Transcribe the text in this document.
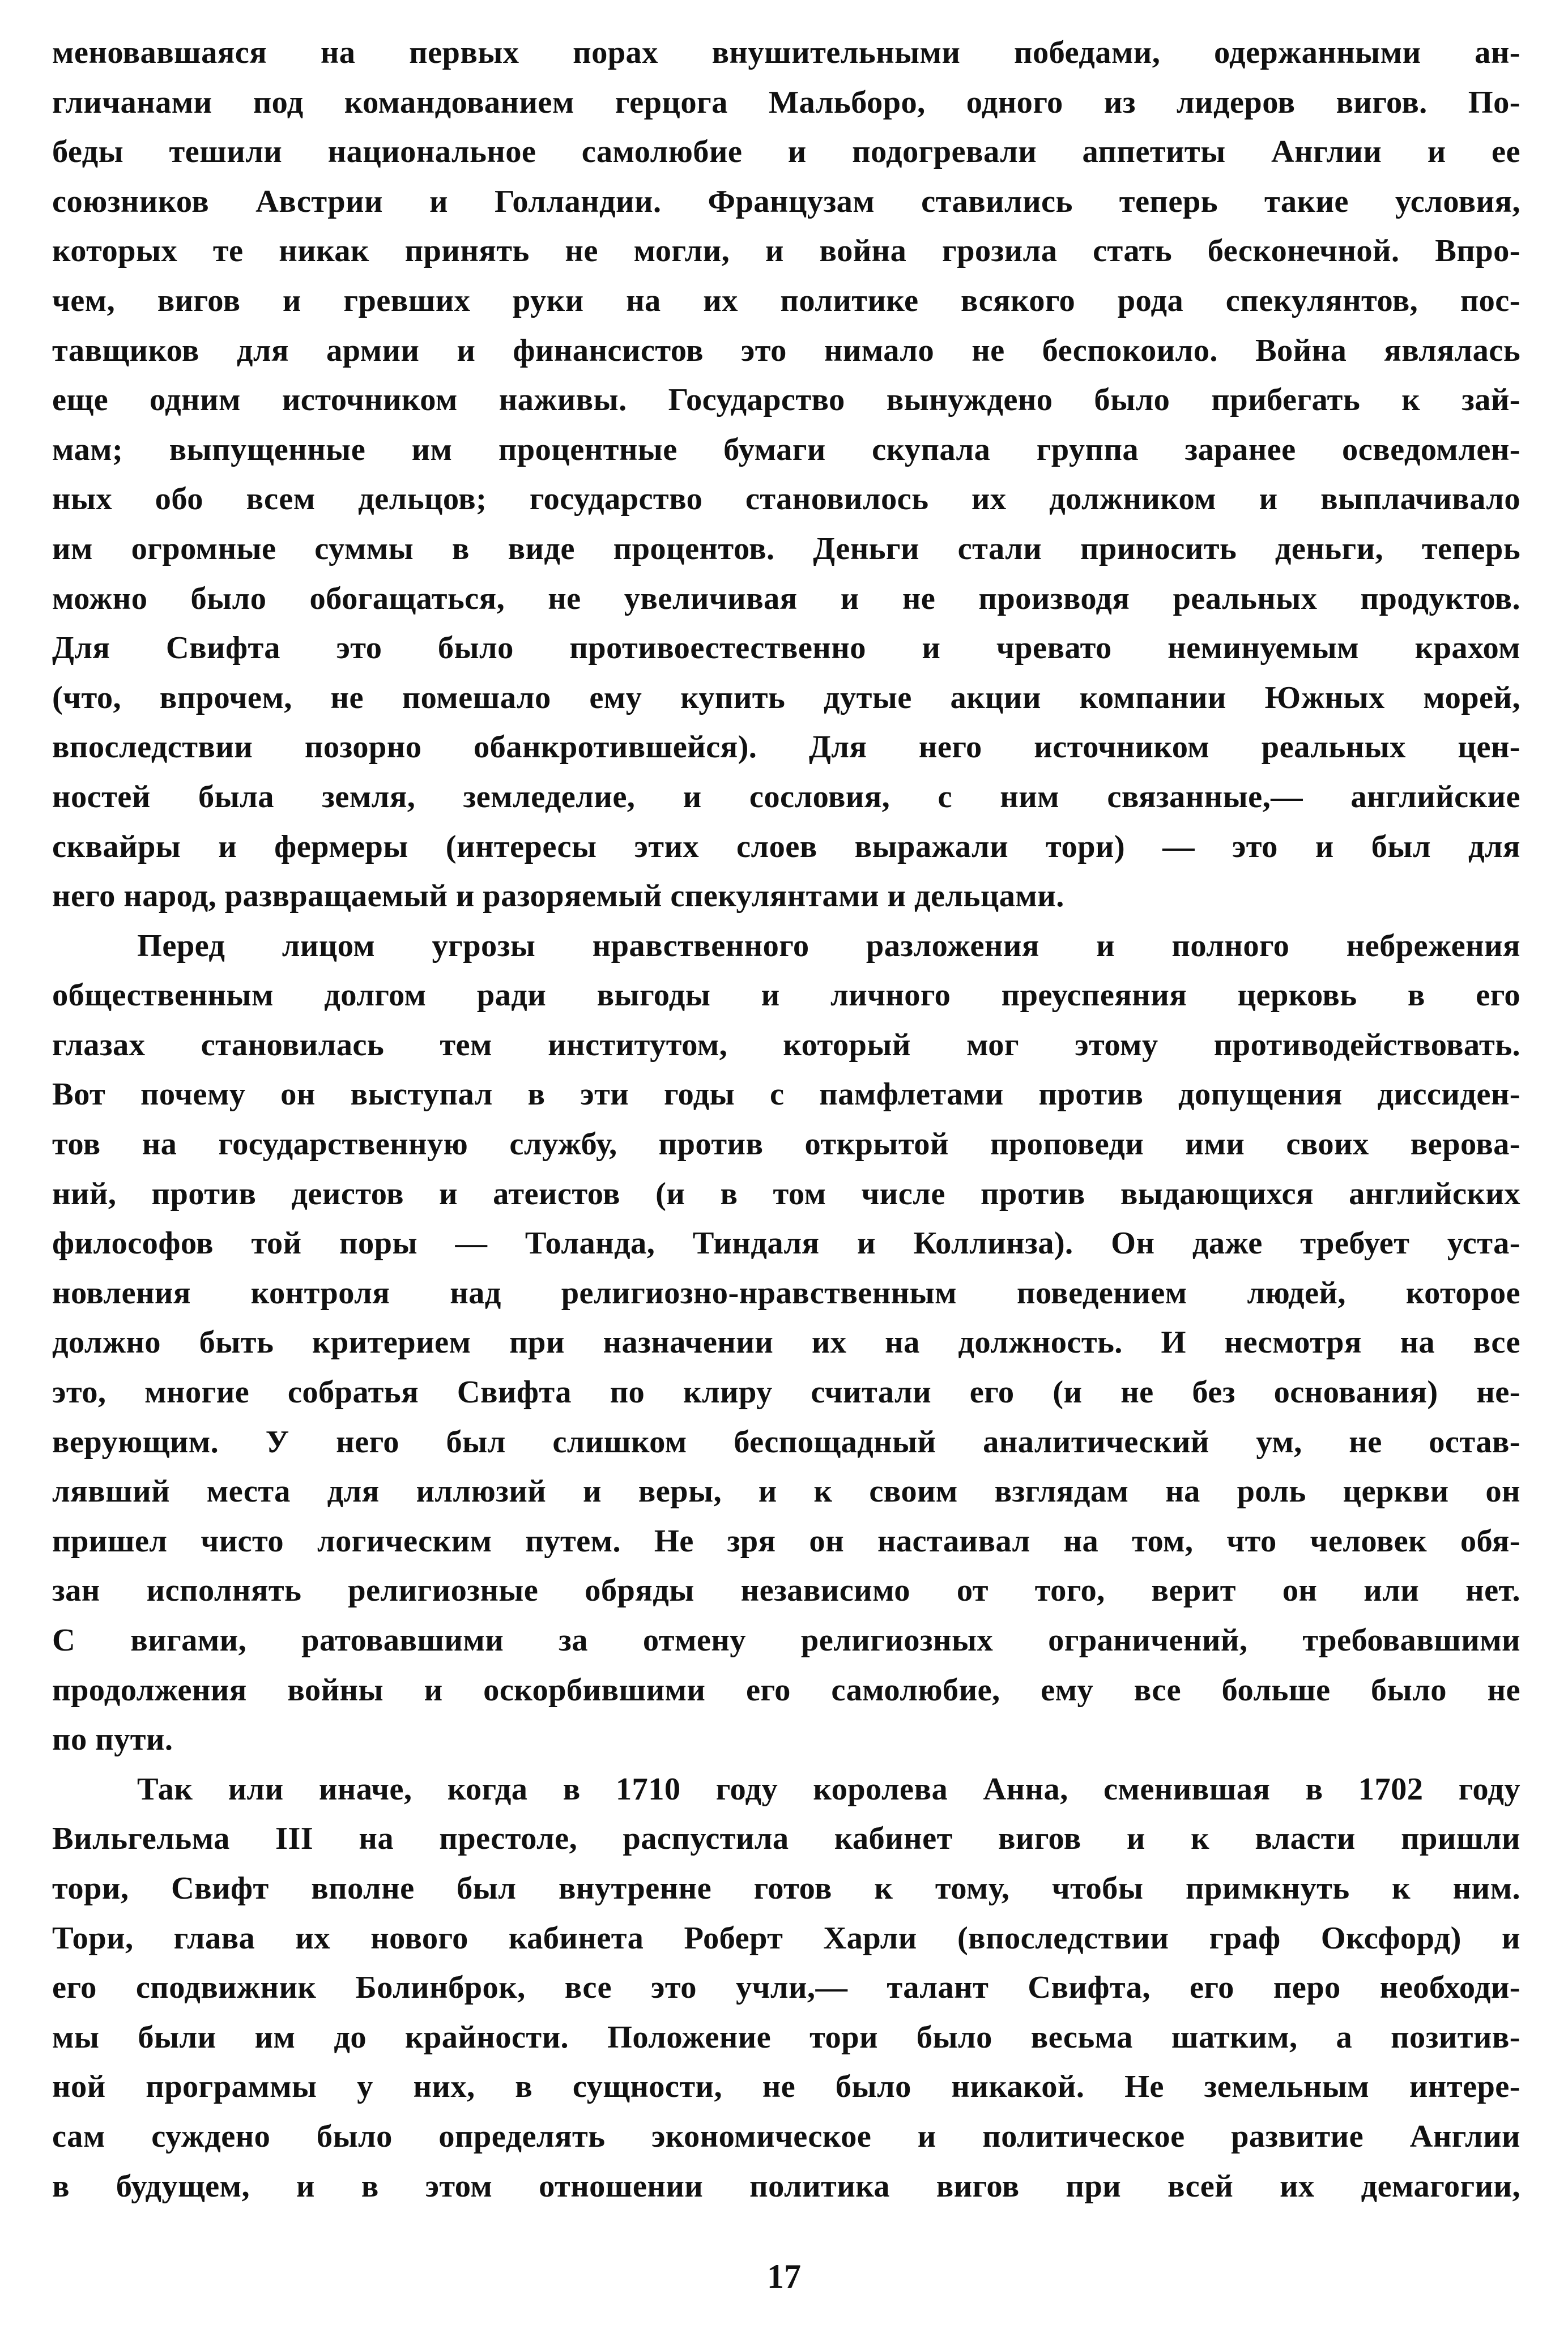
меновавшаяся на первых порах внушительными победами, одержанными ан-
гличанами под командованием герцога Мальборо, одного из лидеров вигов. По-
беды тешили национальное самолюбие и подогревали аппетиты Англии и ее
союзников Австрии и Голландии. Французам ставились теперь такие условия,
которых те никак принять не могли, и война грозила стать бесконечной. Впро-
чем, вигов и гревших руки на их политике всякого рода спекулянтов, пос-
тавщиков для армии и финансистов это нимало не беспокоило. Война являлась
еще одним источником наживы. Государство вынуждено было прибегать к зай-
мам; выпущенные им процентные бумаги скупала группа заранее осведомлен-
ных обо всем дельцов; государство становилось их должником и выплачивало
им огромные суммы в виде процентов. Деньги стали приносить деньги, теперь
можно было обогащаться, не увеличивая и не производя реальных продуктов.
Для Свифта это было противоестественно и чревато неминуемым крахом
(что, впрочем, не помешало ему купить дутые акции компании Южных морей,
впоследствии позорно обанкротившейся). Для него источником реальных цен-
ностей была земля, земледелие, и сословия, с ним связанные,— английские
сквайры и фермеры (интересы этих слоев выражали тори) — это и был для
него народ, развращаемый и разоряемый спекулянтами и дельцами.
Перед лицом угрозы нравственного разложения и полного небрежения
общественным долгом ради выгоды и личного преуспеяния церковь в его
глазах становилась тем институтом, который мог этому противодействовать.
Вот почему он выступал в эти годы с памфлетами против допущения диссиден-
тов на государственную службу, против открытой проповеди ими своих верова-
ний, против деистов и атеистов (и в том числе против выдающихся английских
философов той поры — Толанда, Тиндаля и Коллинза). Он даже требует уста-
новления контроля над религиозно-нравственным поведением людей, которое
должно быть критерием при назначении их на должность. И несмотря на все
это, многие собратья Свифта по клиру считали его (и не без основания) не-
верующим. У него был слишком беспощадный аналитический ум, не остав-
лявший места для иллюзий и веры, и к своим взглядам на роль церкви он
пришел чисто логическим путем. Не зря он настаивал на том, что человек обя-
зан исполнять религиозные обряды независимо от того, верит он или нет.
С вигами, ратовавшими за отмену религиозных ограничений, требовавшими
продолжения войны и оскорбившими его самолюбие, ему все больше было не
по пути.
Так или иначе, когда в 1710 году королева Анна, сменившая в 1702 году
Вильгельма III на престоле, распустила кабинет вигов и к власти пришли
тори, Свифт вполне был внутренне готов к тому, чтобы примкнуть к ним.
Тори, глава их нового кабинета Роберт Харли (впоследствии граф Оксфорд) и
его сподвижник Болинброк, все это учли,— талант Свифта, его перо необходи-
мы были им до крайности. Положение тори было весьма шатким, а позитив-
ной программы у них, в сущности, не было никакой. Не земельным интере-
сам суждено было определять экономическое и политическое развитие Англии
в будущем, и в этом отношении политика вигов при всей их демагогии,
17
